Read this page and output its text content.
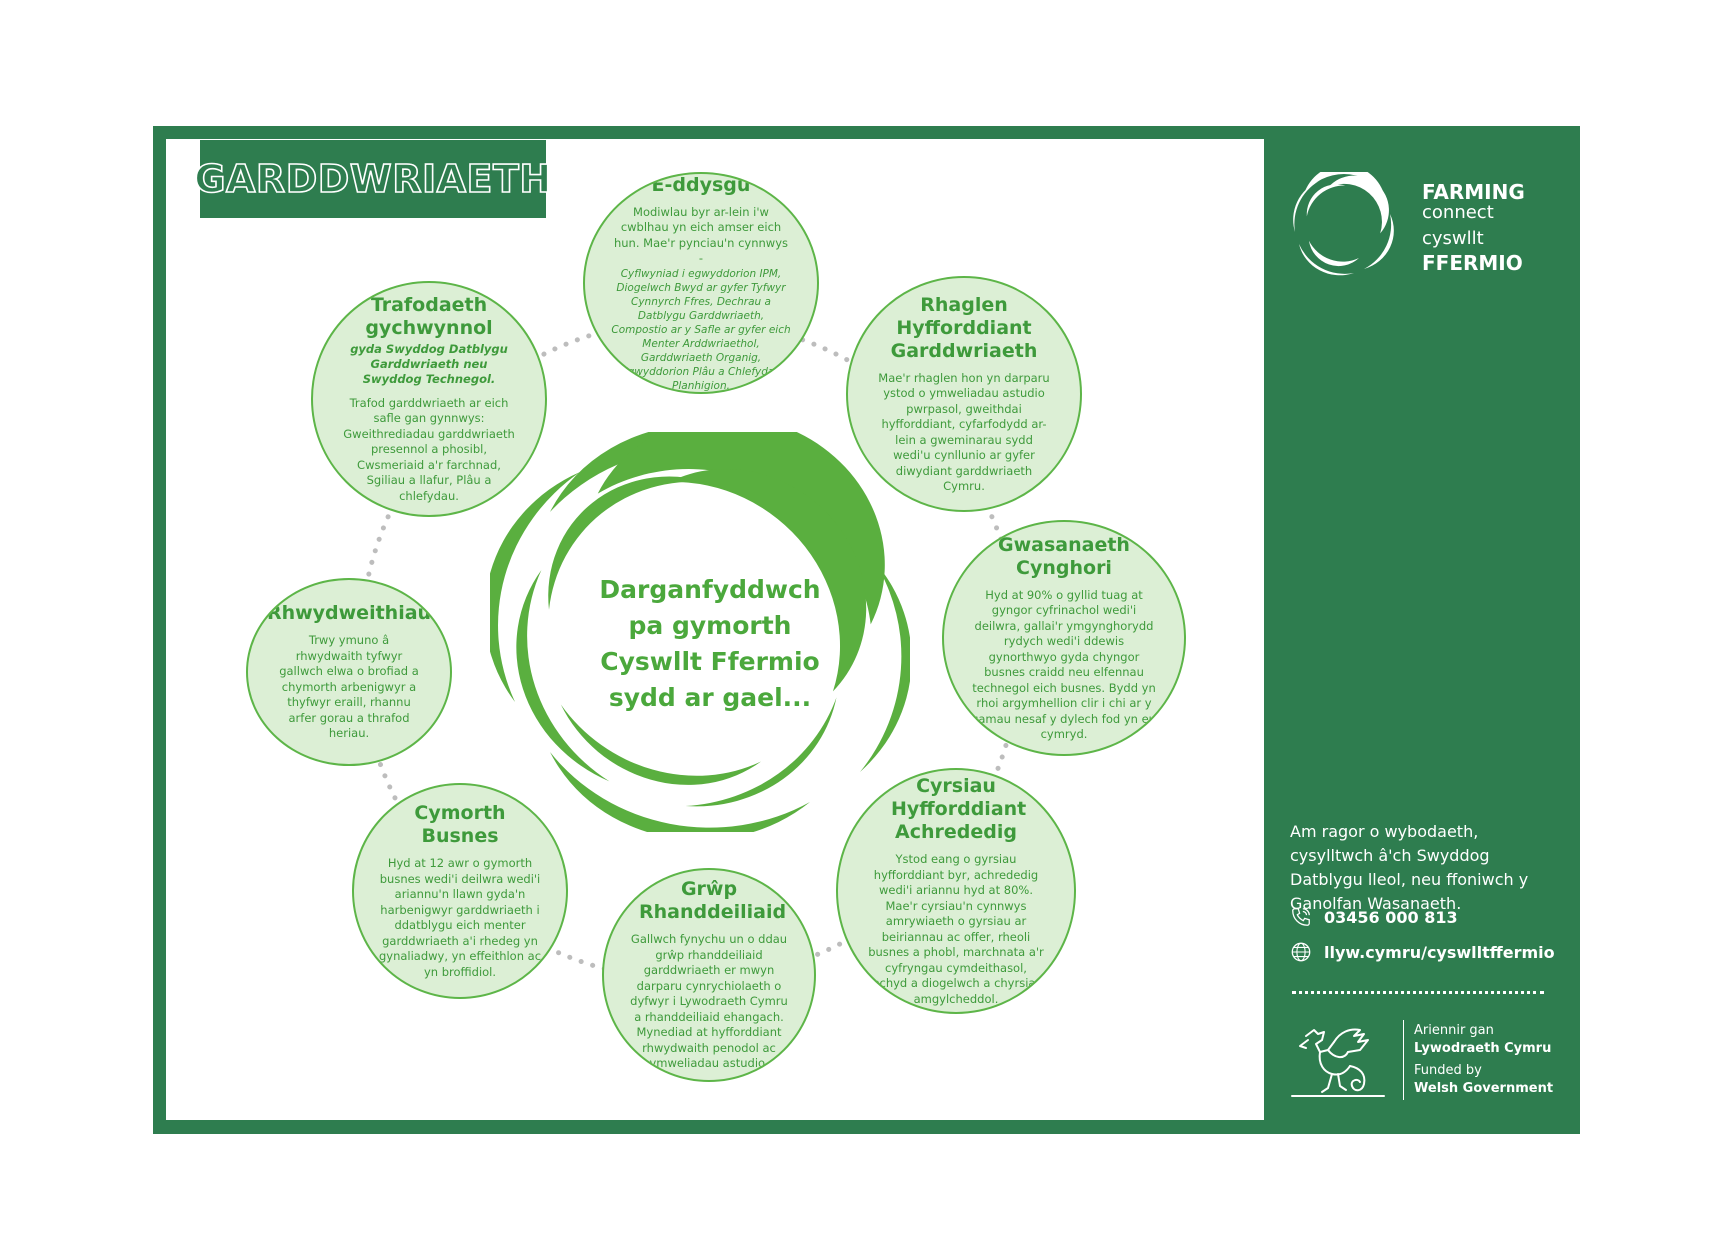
GARDDWRIAETH
Darganfyddwch
pa gymorth
Cyswllt Ffermio
sydd ar gael...
E-ddysgu
Modiwlau byr ar-lein i'w cwblhau yn eich amser eich hun. Mae'r pynciau'n cynnwys -
Cyflwyniad i egwyddorion IPM, Diogelwch Bwyd ar gyfer Tyfwyr Cynnyrch Ffres, Dechrau a Datblygu Garddwriaeth, Compostio ar y Safle ar gyfer eich Menter Arddwriaethol, Garddwriaeth Organig, Egwyddorion Plâu a Chlefydau Planhigion.
Trafodaeth gychwynnol
gyda Swyddog Datblygu Garddwriaeth neu Swyddog Technegol.
Trafod garddwriaeth ar eich safle gan gynnwys: Gweithrediadau garddwriaeth presennol a phosibl, Cwsmeriaid a'r farchnad, Sgiliau a llafur, Plâu a chlefydau.
Rhaglen Hyfforddiant Garddwriaeth
Mae'r rhaglen hon yn darparu ystod o ymweliadau astudio pwrpasol, gweithdai hyfforddiant, cyfarfodydd ar-lein a gweminarau sydd wedi'u cynllunio ar gyfer diwydiant garddwriaeth Cymru.
Rhwydweithiau
Trwy ymuno â rhwydwaith tyfwyr gallwch elwa o brofiad a chymorth arbenigwyr a thyfwyr eraill, rhannu arfer gorau a thrafod heriau.
Gwasanaeth Cynghori
Hyd at 90% o gyllid tuag at gyngor cyfrinachol wedi'i deilwra, gallai'r ymgynghorydd rydych wedi'i ddewis gynorthwyo gyda chyngor busnes craidd neu elfennau technegol eich busnes. Bydd yn rhoi argymhellion clir i chi ar y camau nesaf y dylech fod yn eu cymryd.
Cymorth Busnes
Hyd at 12 awr o gymorth busnes wedi'i deilwra wedi'i ariannu'n llawn gyda'n harbenigwyr garddwriaeth i ddatblygu eich menter garddwriaeth a'i rhedeg yn gynaliadwy, yn effeithlon ac yn broffidiol.
Cyrsiau Hyfforddiant Achrededig
Ystod eang o gyrsiau hyfforddiant byr, achrededig wedi'i ariannu hyd at 80%. Mae'r cyrsiau'n cynnwys amrywiaeth o gyrsiau ar beiriannau ac offer, rheoli busnes a phobl, marchnata a'r cyfryngau cymdeithasol, iechyd a diogelwch a chyrsiau amgylcheddol.
Grŵp Rhanddeiliaid
Gallwch fynychu un o ddau grŵp rhanddeiliaid garddwriaeth er mwyn darparu cynrychiolaeth o dyfwyr i Lywodraeth Cymru a rhanddeiliaid ehangach. Mynediad at hyfforddiant rhwydwaith penodol ac ymweliadau astudio.
FARMING
connect
cyswllt
FFERMIO
Am ragor o wybodaeth, cysylltwch â'ch Swyddog Datblygu lleol, neu ffoniwch y Ganolfan Wasanaeth.
03456 000 813
llyw.cymru/cyswlltffermio
Ariennir gan
Lywodraeth Cymru
Funded by
Welsh Government
